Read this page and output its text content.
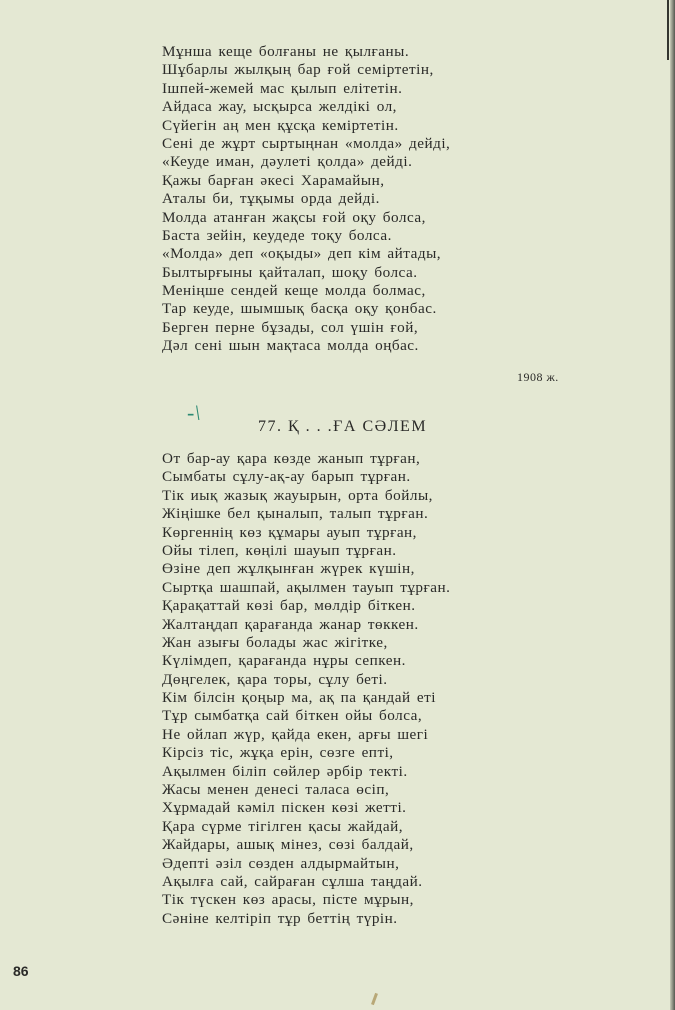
Мұнша кеще болғаны не қылғаны.
Шұбарлы жылқың бар ғой семіртетін,
Ішпей-жемей мас қылып елітетін.
Айдаса жау, ысқырса желдікі ол,
Сүйегін аң мен құсқа кеміртетін.
Сені де жұрт сыртыңнан «молда» дейді,
«Кеуде иман, дәулеті қолда» дейді.
Қажы барған әкесі Харамайын,
Аталы би, тұқымы орда дейді.
Молда атанған жақсы ғой оқу болса,
Баста зейін, кеудеде тоқу болса.
«Молда» деп «оқыды» деп кім айтады,
Былтырғыны қайталап, шоқу болса.
Меніңше сендей кеще молда болмас,
Тар кеуде, шымшық басқа оқу қонбас.
Берген перне бұзады, сол үшін ғой,
Дәл сені шын мақтаса молда оңбас.
1908 ж.
-\
77. Қ . . .ҒА СӘЛЕМ
От бар-ау қара көзде жанып тұрған,
Сымбаты сұлу-ақ-ау барып тұрған.
Тік иық жазық жауырын, орта бойлы,
Жіңішке бел қыналып, талып тұрған.
Көргеннің көз құмары ауып тұрған,
Ойы тілеп, көңілі шауып тұрған.
Өзіне деп жұлқынған жүрек күшін,
Сыртқа шашпай, ақылмен тауып тұрған.
Қарақаттай көзі бар, мөлдір біткен.
Жалтаңдап қарағанда жанар төккен.
Жан азығы болады жас жігітке,
Күлімдеп, қарағанда нұры сепкен.
Дөңгелек, қара торы, сұлу беті.
Кім білсін қоңыр ма, ақ па қандай еті
Тұр сымбатқа сай біткен ойы болса,
Не ойлап жүр, қайда екен, арғы шегі
Кірсіз тіс, жұқа ерін, сөзге епті,
Ақылмен біліп сөйлер әрбір текті.
Жасы менен денесі таласа өсіп,
Хұрмадай кәміл піскен көзі жетті.
Қара сүрме тігілген қасы жайдай,
Жайдары, ашық мінез, сөзі балдай,
Әдепті әзіл сөзден алдырмайтын,
Ақылға сай, сайраған сұлша таңдай.
Тік түскен көз арасы, пісте мұрын,
Сәніне келтіріп тұр беттің түрін.
86
